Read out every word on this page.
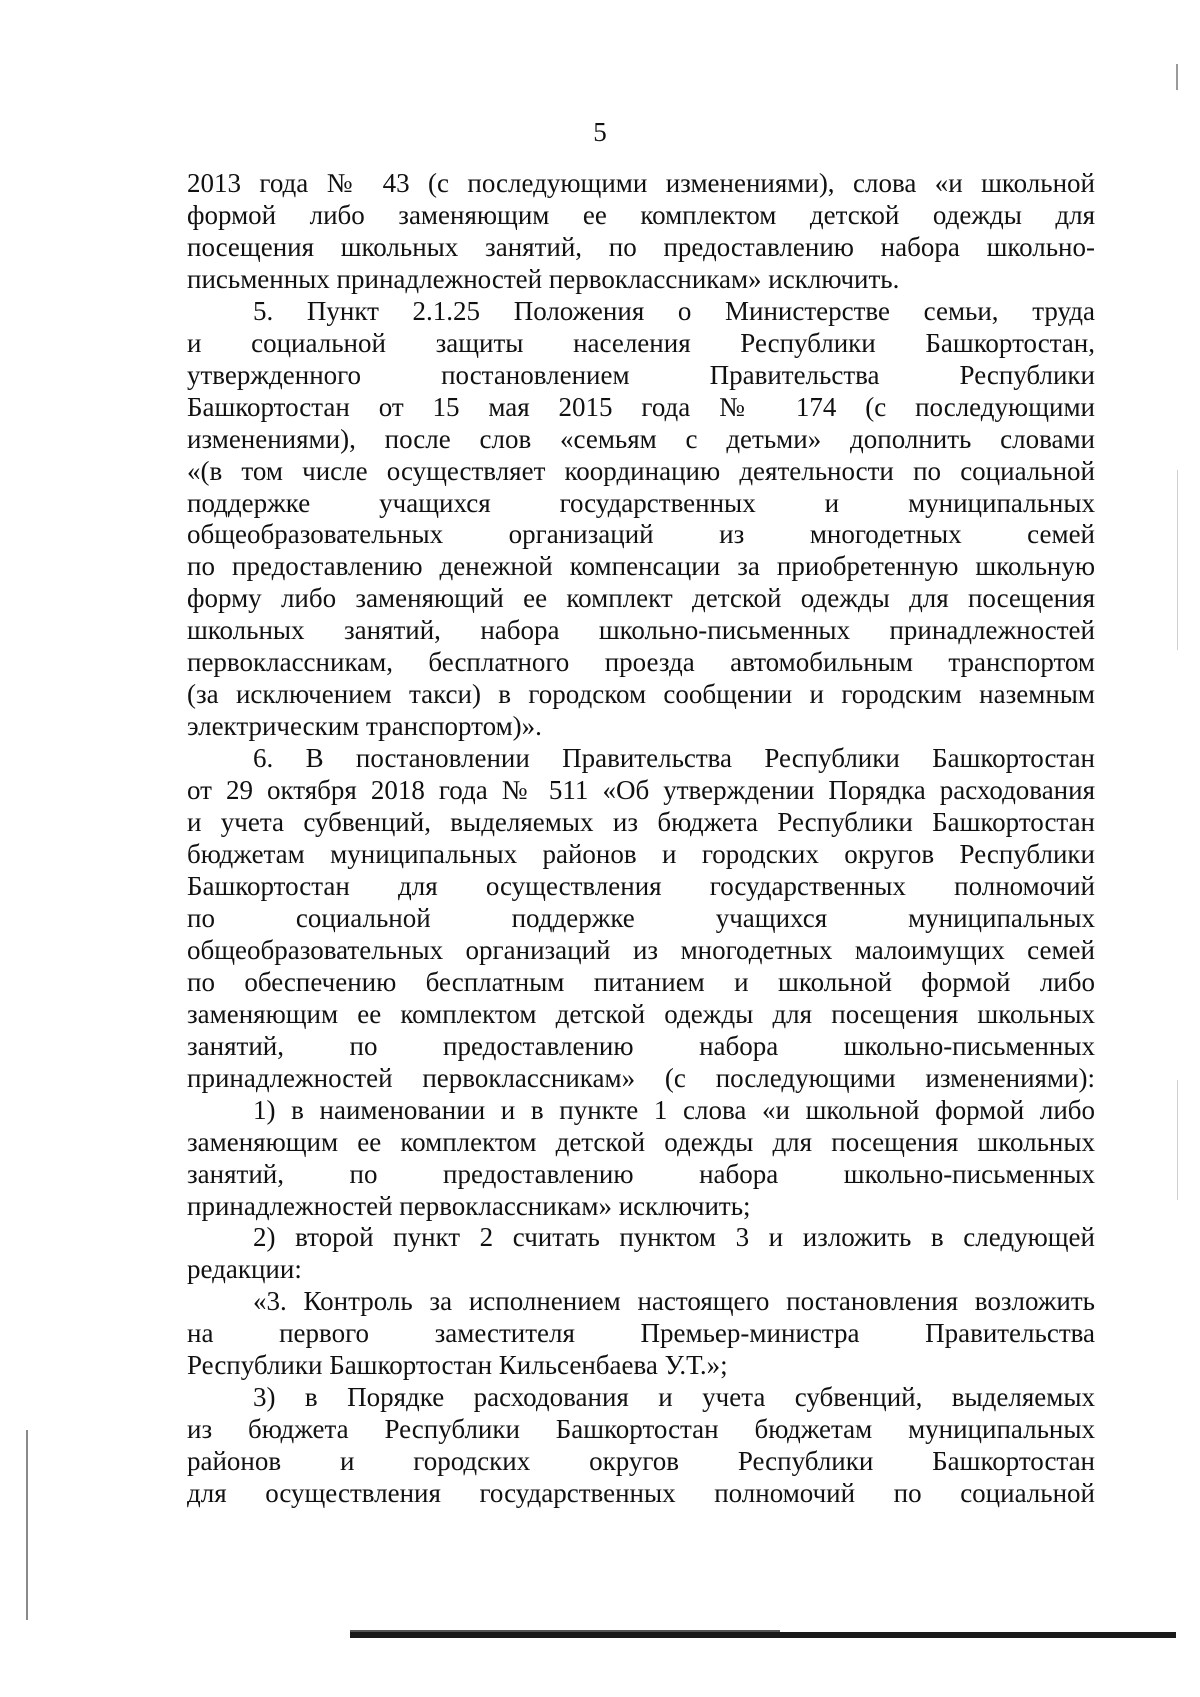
5
2013 года № 43 (с последующими изменениями), слова «и школьной
формой либо заменяющим ее комплектом детской одежды для
посещения школьных занятий, по предоставлению набора школьно-
письменных принадлежностей первоклассникам» исключить.
5. Пункт 2.1.25 Положения о Министерстве семьи, труда
и социальной защиты населения Республики Башкортостан,
утвержденного постановлением Правительства Республики
Башкортостан от 15 мая 2015 года № 174 (с последующими
изменениями), после слов «семьям с детьми» дополнить словами
«(в том числе осуществляет координацию деятельности по социальной
поддержке учащихся государственных и муниципальных
общеобразовательных организаций из многодетных семей
по предоставлению денежной компенсации за приобретенную школьную
форму либо заменяющий ее комплект детской одежды для посещения
школьных занятий, набора школьно-письменных принадлежностей
первоклассникам, бесплатного проезда автомобильным транспортом
(за исключением такси) в городском сообщении и городским наземным
электрическим транспортом)».
6. В постановлении Правительства Республики Башкортостан
от 29 октября 2018 года № 511 «Об утверждении Порядка расходования
и учета субвенций, выделяемых из бюджета Республики Башкортостан
бюджетам муниципальных районов и городских округов Республики
Башкортостан для осуществления государственных полномочий
по социальной поддержке учащихся муниципальных
общеобразовательных организаций из многодетных малоимущих семей
по обеспечению бесплатным питанием и школьной формой либо
заменяющим ее комплектом детской одежды для посещения школьных
занятий, по предоставлению набора школьно-письменных
принадлежностей первоклассникам» (с последующими изменениями):
1) в наименовании и в пункте 1 слова «и школьной формой либо
заменяющим ее комплектом детской одежды для посещения школьных
занятий, по предоставлению набора школьно-письменных
принадлежностей первоклассникам» исключить;
2) второй пункт 2 считать пунктом 3 и изложить в следующей
редакции:
«3. Контроль за исполнением настоящего постановления возложить
на первого заместителя Премьер-министра Правительства
Республики Башкортостан Кильсенбаева У.Т.»;
3) в Порядке расходования и учета субвенций, выделяемых
из бюджета Республики Башкортостан бюджетам муниципальных
районов и городских округов Республики Башкортостан
для осуществления государственных полномочий по социальной
